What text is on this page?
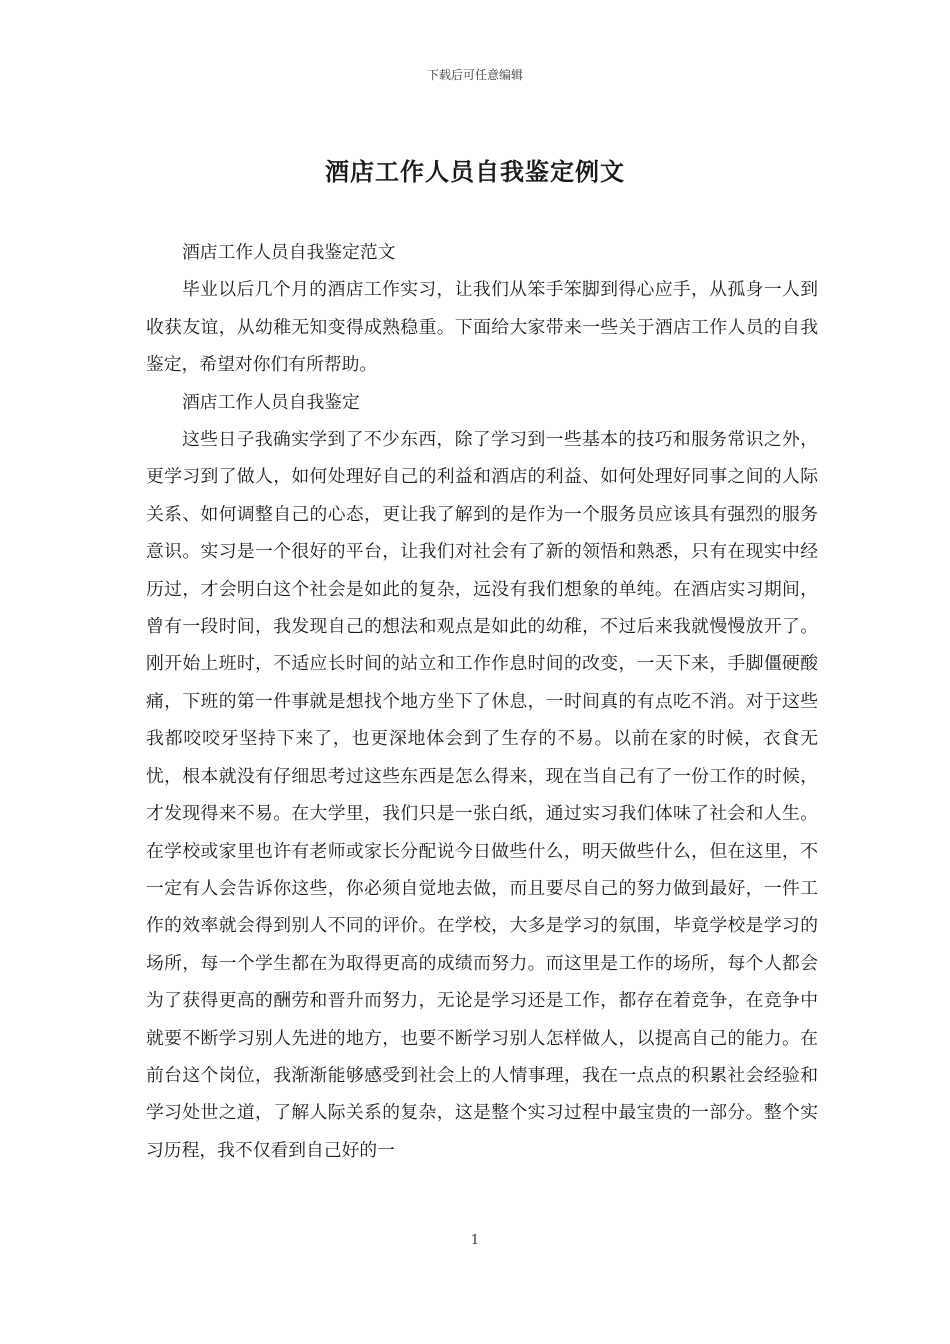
下载后可任意编辑
酒店工作人员自我鉴定例文

酒店工作人员自我鉴定范文

毕业以后几个月的酒店工作实习，让我们从笨手笨脚到得心应手，从孤身一人到收获友谊，从幼稚无知变得成熟稳重。下面给大家带来一些关于酒店工作人员的自我鉴定，希望对你们有所帮助。

酒店工作人员自我鉴定

这些日子我确实学到了不少东西，除了学习到一些基本的技巧和服务常识之外，更学习到了做人，如何处理好自己的利益和酒店的利益、如何处理好同事之间的人际关系、如何调整自己的心态，更让我了解到的是作为一个服务员应该具有强烈的服务意识。实习是一个很好的平台，让我们对社会有了新的领悟和熟悉，只有在现实中经历过，才会明白这个社会是如此的复杂，远没有我们想象的单纯。在酒店实习期间，曾有一段时间，我发现自己的想法和观点是如此的幼稚，不过后来我就慢慢放开了。刚开始上班时，不适应长时间的站立和工作作息时间的改变，一天下来，手脚僵硬酸痛，下班的第一件事就是想找个地方坐下了休息，一时间真的有点吃不消。对于这些我都咬咬牙坚持下来了，也更深地体会到了生存的不易。以前在家的时候，衣食无忧，根本就没有仔细思考过这些东西是怎么得来，现在当自己有了一份工作的时候，才发现得来不易。在大学里，我们只是一张白纸，通过实习我们体味了社会和人生。在学校或家里也许有老师或家长分配说今日做些什么，明天做些什么，但在这里，不一定有人会告诉你这些，你必须自觉地去做，而且要尽自己的努力做到最好，一件工作的效率就会得到别人不同的评价。在学校，大多是学习的氛围，毕竟学校是学习的场所，每一个学生都在为取得更高的成绩而努力。而这里是工作的场所，每个人都会为了获得更高的酬劳和晋升而努力，无论是学习还是工作，都存在着竞争，在竞争中就要不断学习别人先进的地方，也要不断学习别人怎样做人，以提高自己的能力。在前台这个岗位，我渐渐能够感受到社会上的人情事理，我在一点点的积累社会经验和学习处世之道，了解人际关系的复杂，这是整个实习过程中最宝贵的一部分。整个实习历程，我不仅看到自己好的一

1
